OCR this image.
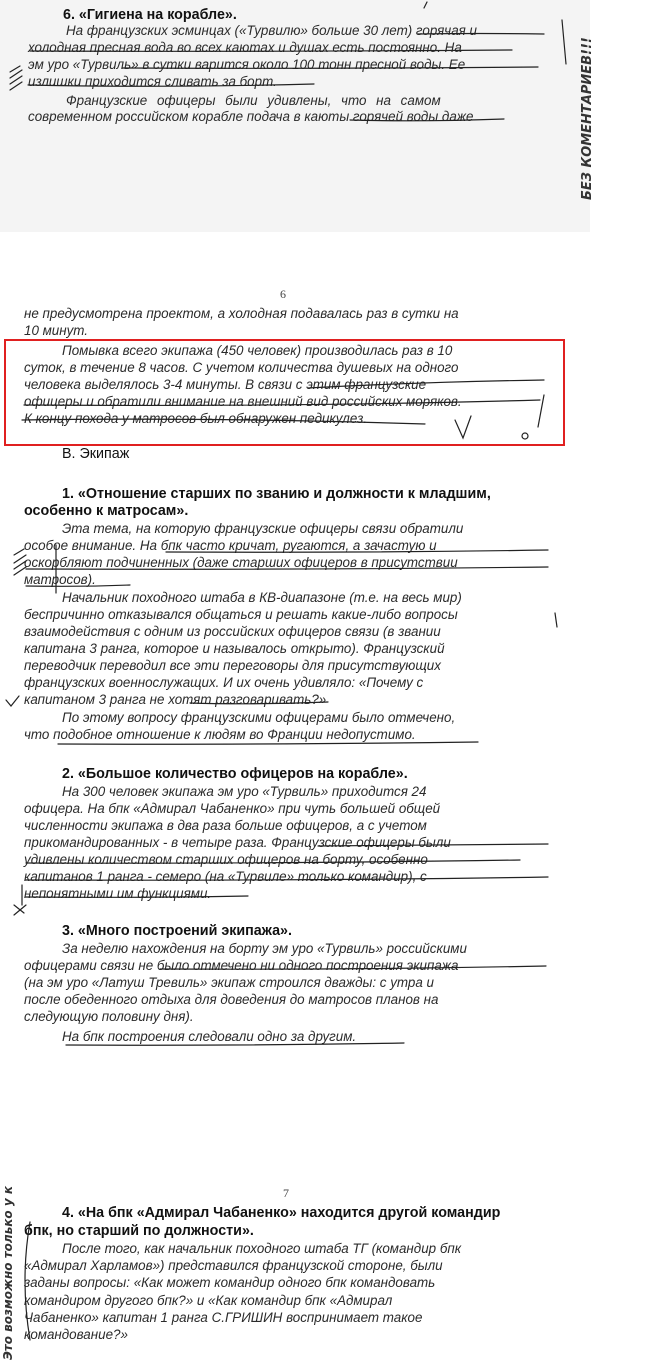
6. «Гигиена на корабле».
На французских эсминцах («Турвилю» больше 30 лет) горячая и
холодная пресная вода во всех каютах и душах есть постоянно. На
эм уро «Турвиль» в сутки варится около 100 тонн пресной воды. Ее
излишки приходится сливать за борт.
Французские офицеры были удивлены, что на самом
современном российском корабле подача в каюты горячей воды даже	БЕЗ КОМЕНТАРИЕВ!!!
6
не предусмотрена проектом, а холодная подавалась раз в сутки на
10 минут.
Помывка всего экипажа (450 человек) производилась раз в 10
суток, в течение 8 часов. С учетом количества душевых на одного
человека выделялось 3-4 минуты. В связи с этим французские
офицеры и обратили внимание на внешний вид российских моряков.
К концу похода у матросов был обнаружен педикулез.
В. Экипаж
1. «Отношение старших по званию и должности к младшим,
особенно к матросам».
Эта тема, на которую французские офицеры связи обратили
особое внимание. На бпк часто кричат, ругаются, а зачастую и
оскорбляют подчиненных (даже старших офицеров в присутствии
матросов).
Начальник походного штаба в КВ-диапазоне (т.е. на весь мир)
беспричинно отказывался общаться и решать какие-либо вопросы
взаимодействия с одним из российских офицеров связи (в звании
капитана 3 ранга, которое и называлось открыто). Французский
переводчик переводил все эти переговоры для присутствующих
французских военнослужащих. И их очень удивляло: «Почему с
капитаном 3 ранга не хотят разговаривать?»
По этому вопросу французскими офицерами было отмечено,
что подобное отношение к людям во Франции недопустимо.
2. «Большое количество офицеров на корабле».
На 300 человек экипажа эм уро «Турвиль» приходится 24
офицера. На бпк «Адмирал Чабаненко» при чуть большей общей
численности экипажа в два раза больше офицеров, а с учетом
прикомандированных - в четыре раза. Французские офицеры были
удивлены количеством старших офицеров на борту, особенно
капитанов 1 ранга - семеро (на «Турвиле» только командир), с
непонятными им функциями.
3. «Много построений экипажа».
За неделю нахождения на борту эм уро «Турвиль» российскими
офицерами связи не было отмечено ни одного построения экипажа
(на эм уро «Латуш Тревиль» экипаж строился дважды: с утра и
после обеденного отдыха для доведения до матросов планов на
следующую половину дня).
На бпк построения следовали одно за другим.
7
4. «На бпк «Адмирал Чабаненко» находится другой командир
бпк, но старший по должности».
После того, как начальник походного штаба ТГ (командир бпк
«Адмирал Харламов») представился французской стороне, были
заданы вопросы: «Как может командир одного бпк командовать
командиром другого бпк?» и «Как командир бпк «Адмирал
Чабаненко» капитан 1 ранга С.ГРИШИН воспринимает такое
командование?»
Это возможно только у к
